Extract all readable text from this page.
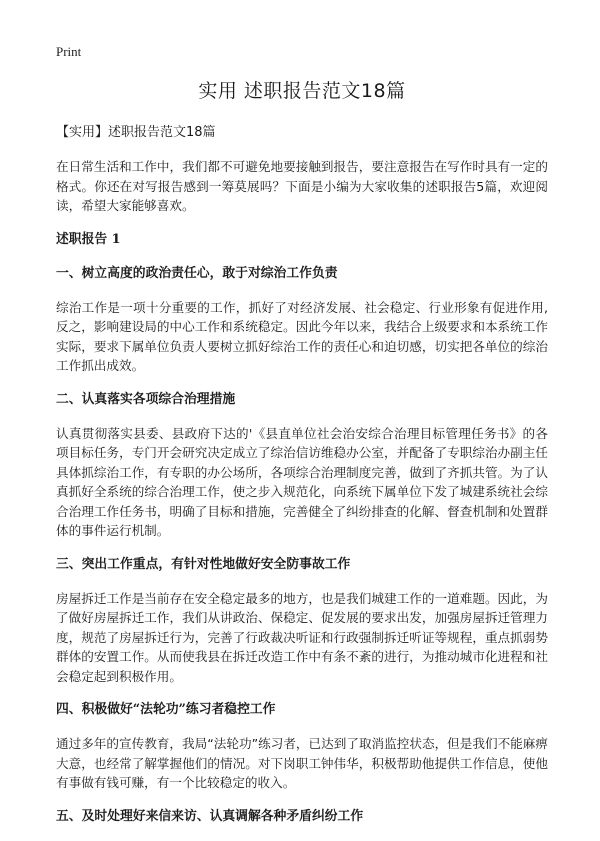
Print
实用 述职报告范文18篇
【实用】述职报告范文18篇

在日常生活和工作中，我们都不可避免地要接触到报告，要注意报告在写作时具有一定的格式。你还在对写报告感到一筹莫展吗？下面是小编为大家收集的述职报告5篇，欢迎阅读，希望大家能够喜欢。

述职报告 1
一、树立高度的政治责任心，敢于对综治工作负责

综治工作是一项十分重要的工作，抓好了对经济发展、社会稳定、行业形象有促进作用,反之，影响建设局的中心工作和系统稳定。因此今年以来，我结合上级要求和本系统工作实际，要求下属单位负责人要树立抓好综治工作的责任心和迫切感，切实把各单位的综治工作抓出成效。

二、认真落实各项综合治理措施

认真贯彻落实县委、县政府下达的'《县直单位社会治安综合治理目标管理任务书》的各项目标任务，专门开会研究决定成立了综治信访维稳办公室，并配备了专职综治办副主任具体抓综治工作，有专职的办公场所，各项综合治理制度完善，做到了齐抓共管。为了认真抓好全系统的综合治理工作，使之步入规范化，向系统下属单位下发了城建系统社会综合治理工作任务书，明确了目标和措施，完善健全了纠纷排查的化解、督查机制和处置群体的事件运行机制。

三、突出工作重点，有针对性地做好安全防事故工作

房屋拆迁工作是当前存在安全稳定最多的地方，也是我们城建工作的一道难题。因此，为了做好房屋拆迁工作，我们从讲政治、保稳定、促发展的要求出发，加强房屋拆迁管理力度，规范了房屋拆迁行为，完善了行政裁决听证和行政强制拆迁听证等规程，重点抓弱势群体的安置工作。从而使我县在拆迁改造工作中有条不紊的进行，为推动城市化进程和社会稳定起到积极作用。

四、积极做好“法轮功”练习者稳控工作

通过多年的宣传教育，我局“法轮功”练习者，已达到了取消监控状态，但是我们不能麻痹大意，也经常了解掌握他们的情况。对下岗职工钟伟华，积极帮助他提供工作信息，使他有事做有钱可赚，有一个比较稳定的收入。

五、及时处理好来信来访、认真调解各种矛盾纠纷工作
